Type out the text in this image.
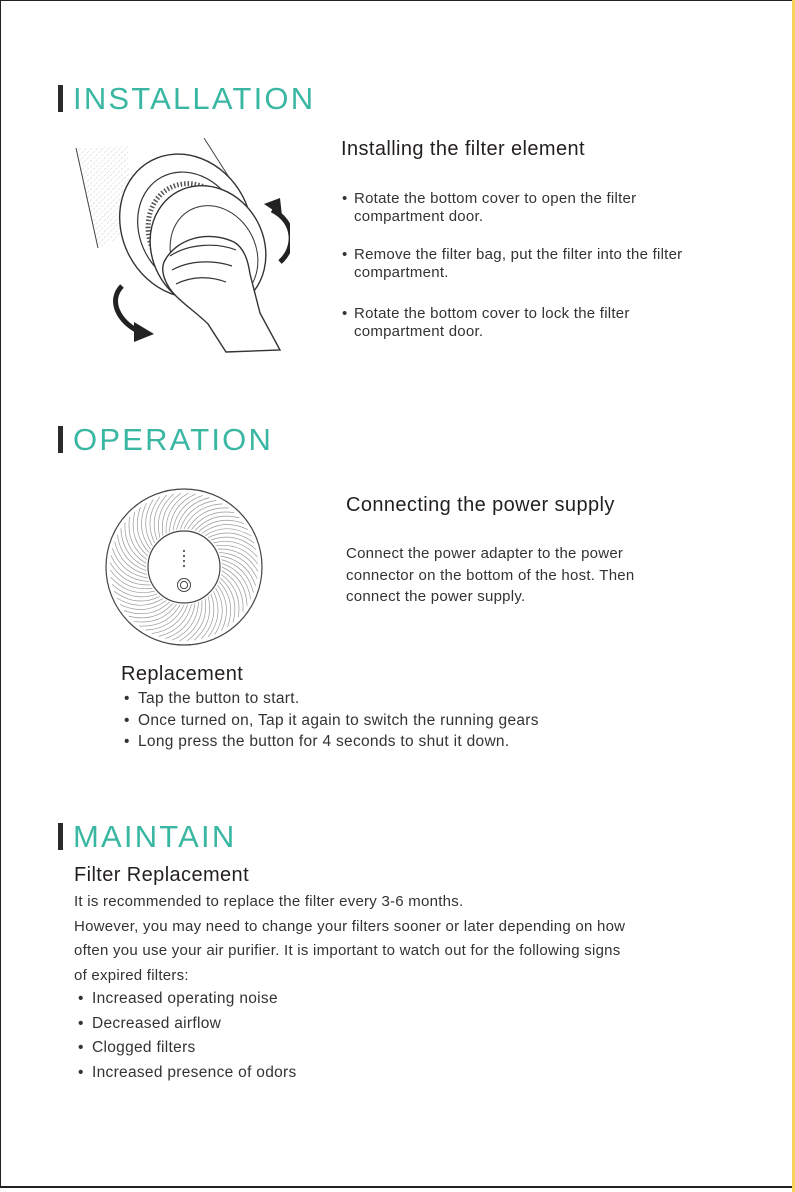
INSTALLATION
Installing the filter element
• Rotate the bottom cover to open the filter
compartment door.
• Remove the filter bag, put the filter into the filter
compartment.
• Rotate the bottom cover to lock the filter
compartment door.
OPERATION
Connecting the power supply
Connect the power adapter to the power
connector on the bottom of the host. Then
connect the power supply.
Replacement
• Tap the button to start.
• Once turned on, Tap it again to switch the running gears
• Long press the button for 4 seconds to shut it down.
MAINTAIN
Filter Replacement
It is recommended to replace the filter every 3-6 months.
However, you may need to change your filters sooner or later depending on how
often you use your air purifier. It is important to watch out for the following signs
of expired filters:
• Increased operating noise
• Decreased airflow
• Clogged filters
• Increased presence of odors
